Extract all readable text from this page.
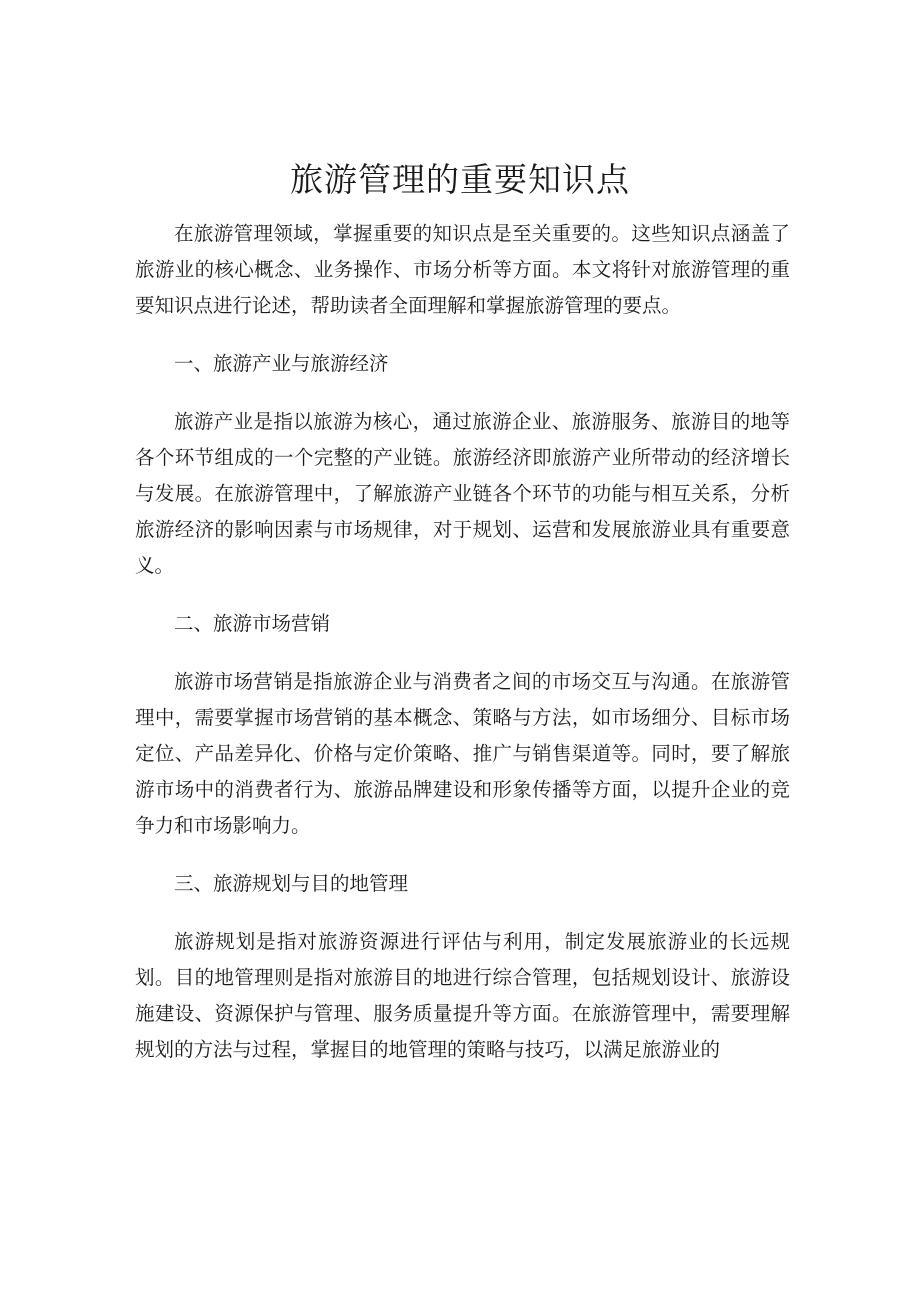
旅游管理的重要知识点

在旅游管理领域，掌握重要的知识点是至关重要的。这些知识点涵盖了旅游业的核心概念、业务操作、市场分析等方面。本文将针对旅游管理的重要知识点进行论述，帮助读者全面理解和掌握旅游管理的要点。

一、旅游产业与旅游经济

旅游产业是指以旅游为核心，通过旅游企业、旅游服务、旅游目的地等各个环节组成的一个完整的产业链。旅游经济即旅游产业所带动的经济增长与发展。在旅游管理中，了解旅游产业链各个环节的功能与相互关系，分析旅游经济的影响因素与市场规律，对于规划、运营和发展旅游业具有重要意义。

二、旅游市场营销

旅游市场营销是指旅游企业与消费者之间的市场交互与沟通。在旅游管理中，需要掌握市场营销的基本概念、策略与方法，如市场细分、目标市场定位、产品差异化、价格与定价策略、推广与销售渠道等。同时，要了解旅游市场中的消费者行为、旅游品牌建设和形象传播等方面，以提升企业的竞争力和市场影响力。

三、旅游规划与目的地管理

旅游规划是指对旅游资源进行评估与利用，制定发展旅游业的长远规划。目的地管理则是指对旅游目的地进行综合管理，包括规划设计、旅游设施建设、资源保护与管理、服务质量提升等方面。在旅游管理中，需要理解规划的方法与过程，掌握目的地管理的策略与技巧，以满足旅游业的
